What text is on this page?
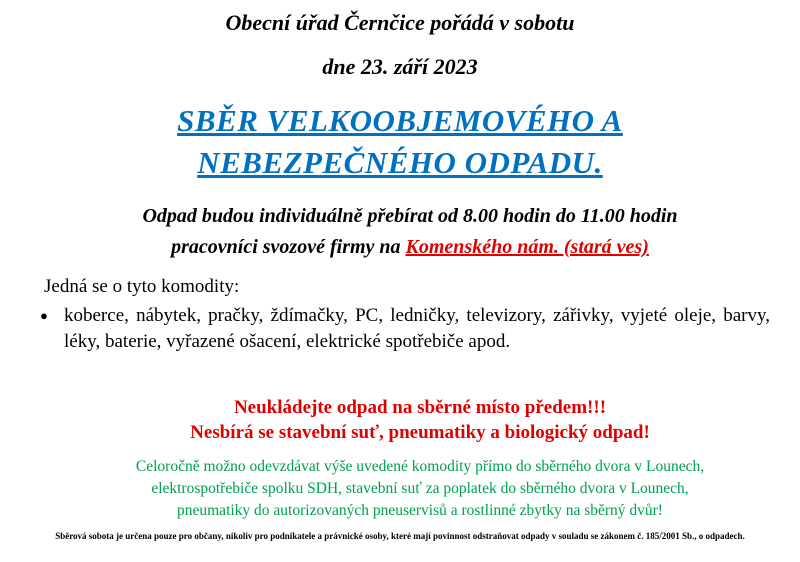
Obecní úřad Černčice pořádá v sobotu
dne 23. září 2023
SBĚR VELKOOBJEMOVÉHO A
NEBEZPEČNÉHO ODPADU.
Odpad budou individuálně přebírat od 8.00 hodin do 11.00 hodin
pracovníci svozové firmy na Komenského nám. (stará ves)
Jedná se o tyto komodity:
● koberce, nábytek, pračky, ždímačky, PC, ledničky, televizory, zářivky, vyjeté oleje, barvy, léky, baterie, vyřazené ošacení, elektrické spotřebiče apod.
Neukládejte odpad na sběrné místo předem!!!
Nesbírá se stavební suť, pneumatiky a biologický odpad!
Celoročně možno odevzdávat výše uvedené komodity přímo do sběrného dvora v Lounech,
elektrospotřebiče spolku SDH, stavební suť za poplatek do sběrného dvora v Lounech,
pneumatiky do autorizovaných pneuservisů a rostlinné zbytky na sběrný dvůr!
Sběrová sobota je určena pouze pro občany, nikoliv pro podnikatele a právnické osoby, které mají povinnost odstraňovat odpady v souladu se zákonem č. 185/2001 Sb., o odpadech.
